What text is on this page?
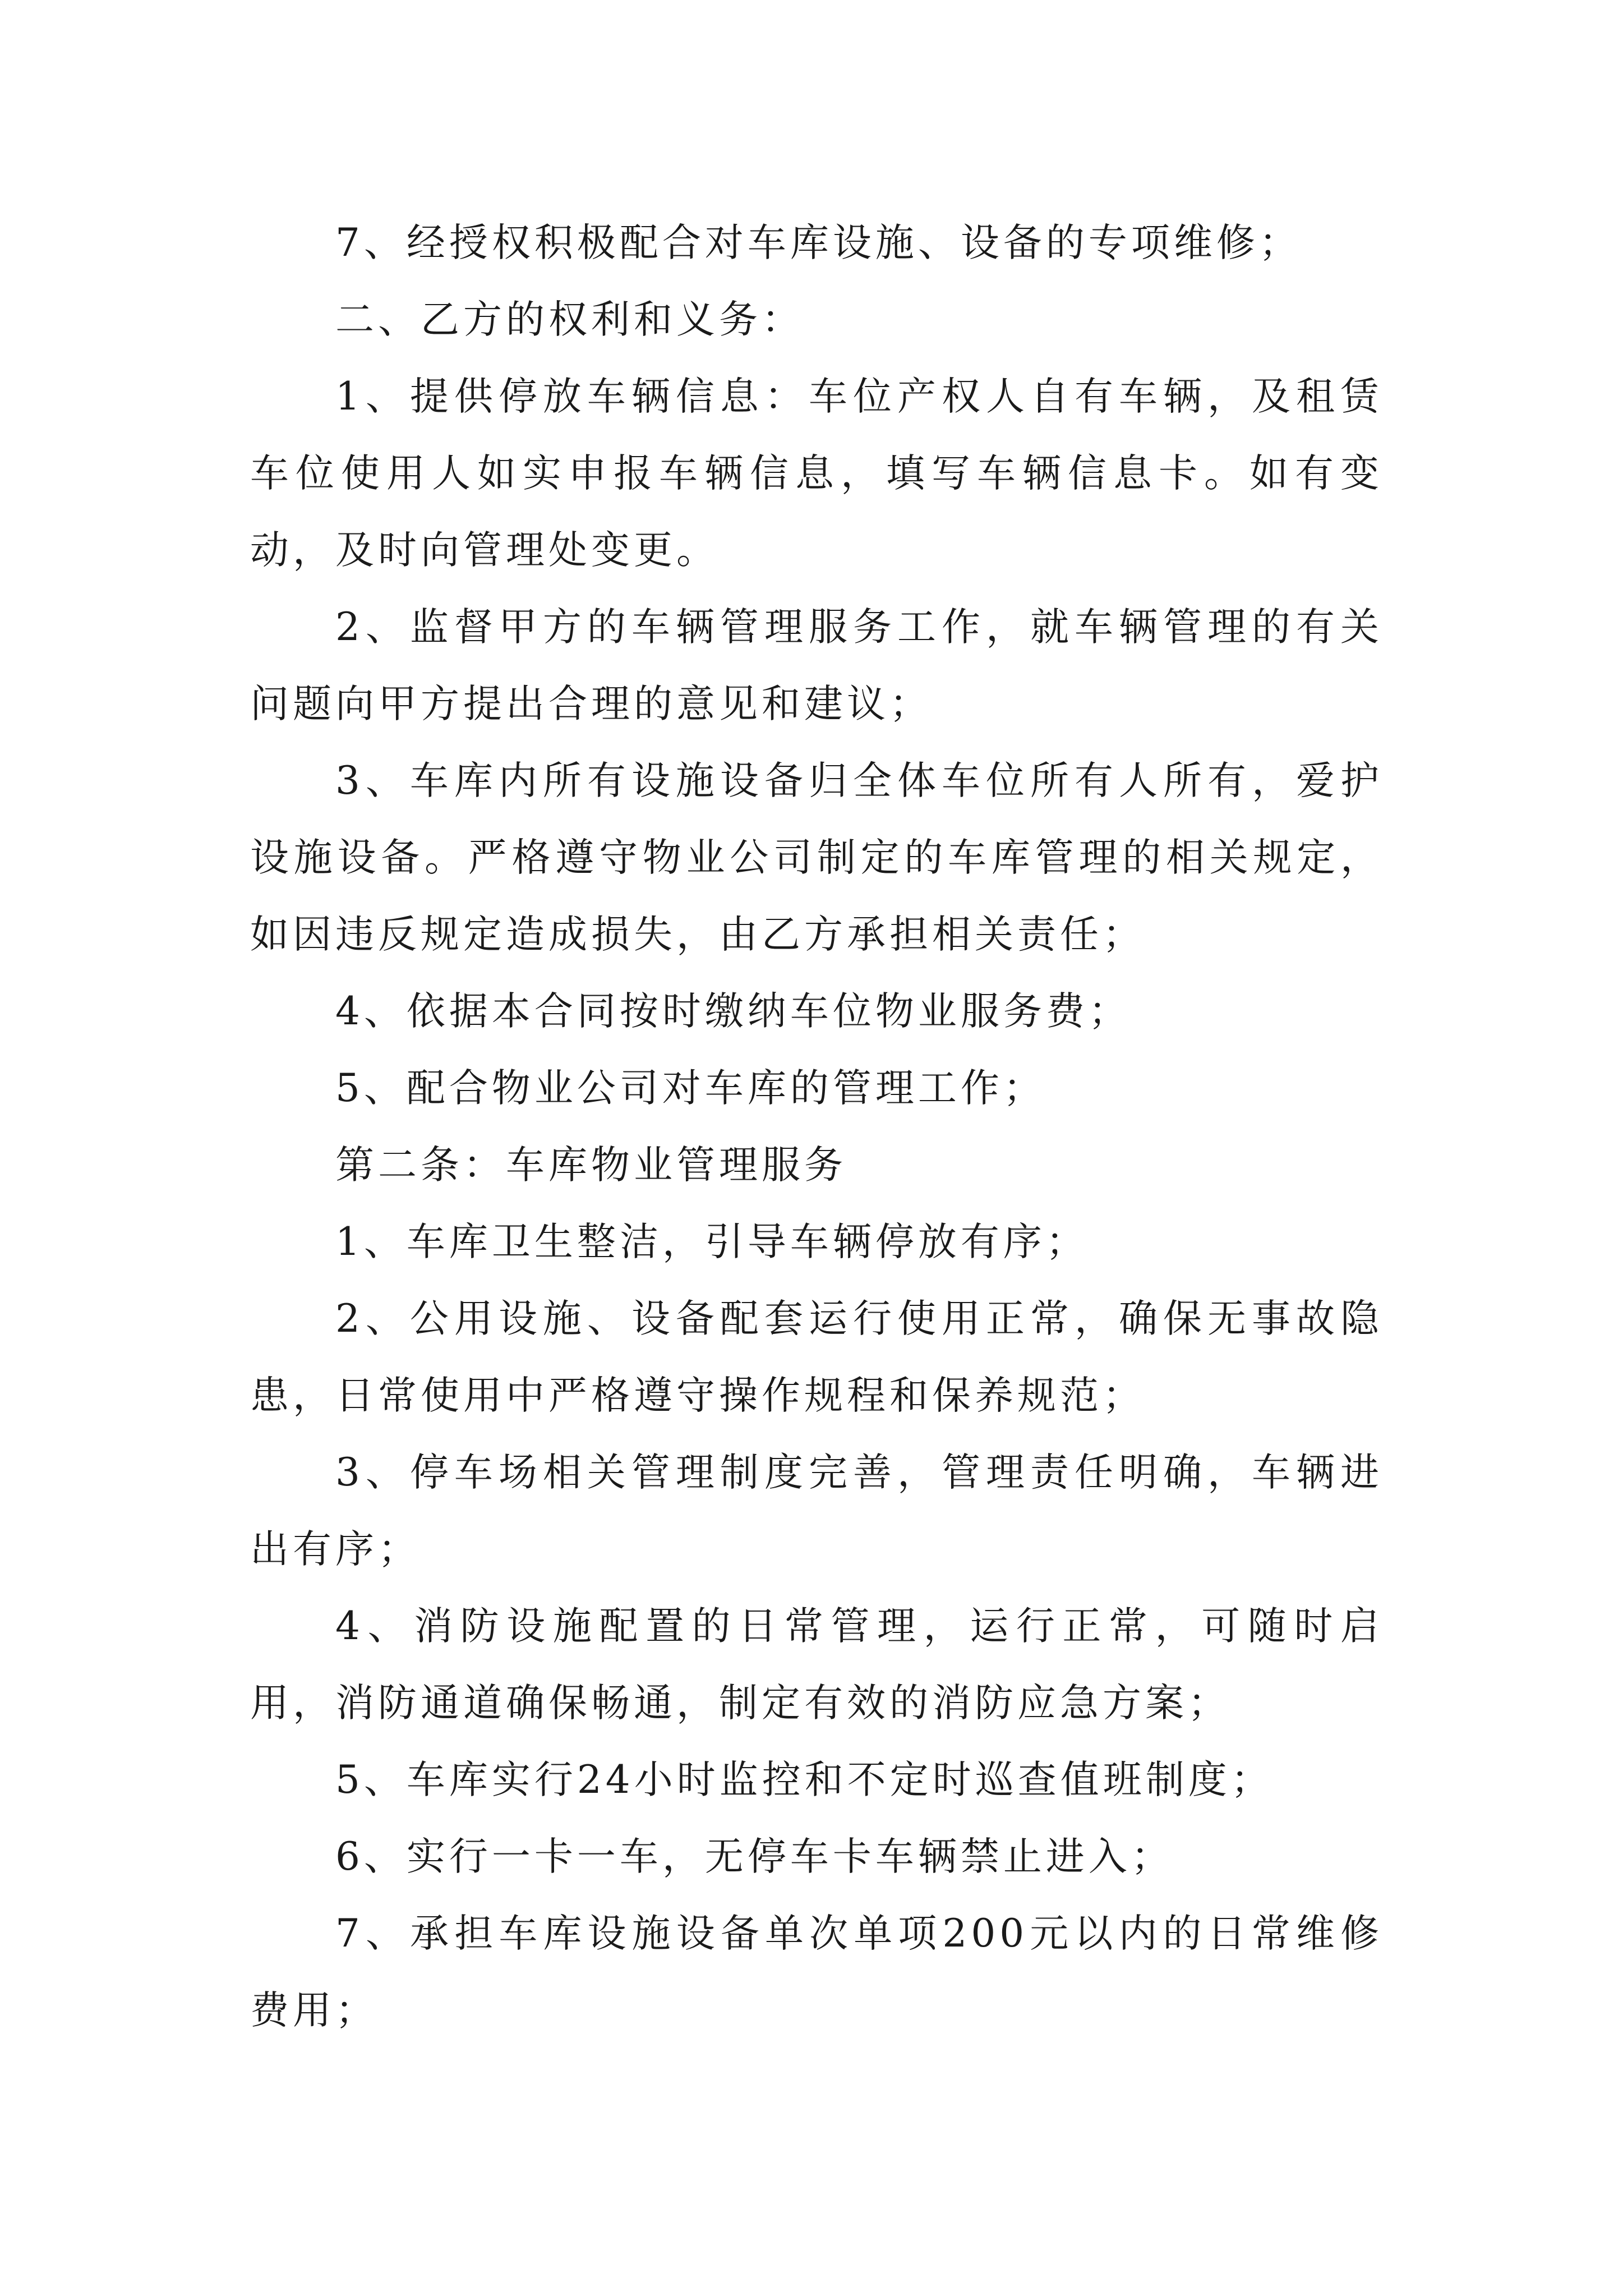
7、经授权积极配合对车库设施、设备的专项维修；

二、乙方的权利和义务：

1、提供停放车辆信息：车位产权人自有车辆，及租赁车位使用人如实申报车辆信息，填写车辆信息卡。如有变动，及时向管理处变更。

2、监督甲方的车辆管理服务工作，就车辆管理的有关问题向甲方提出合理的意见和建议；

3、车库内所有设施设备归全体车位所有人所有，爱护设施设备。严格遵守物业公司制定的车库管理的相关规定，如因违反规定造成损失，由乙方承担相关责任；

4、依据本合同按时缴纳车位物业服务费；

5、配合物业公司对车库的管理工作；

第二条：车库物业管理服务

1、车库卫生整洁，引导车辆停放有序；

2、公用设施、设备配套运行使用正常，确保无事故隐患，日常使用中严格遵守操作规程和保养规范；

3、停车场相关管理制度完善，管理责任明确，车辆进出有序；

4、消防设施配置的日常管理，运行正常，可随时启用，消防通道确保畅通，制定有效的消防应急方案；

5、车库实行24小时监控和不定时巡查值班制度；

6、实行一卡一车，无停车卡车辆禁止进入；

7、承担车库设施设备单次单项200元以内的日常维修费用；
